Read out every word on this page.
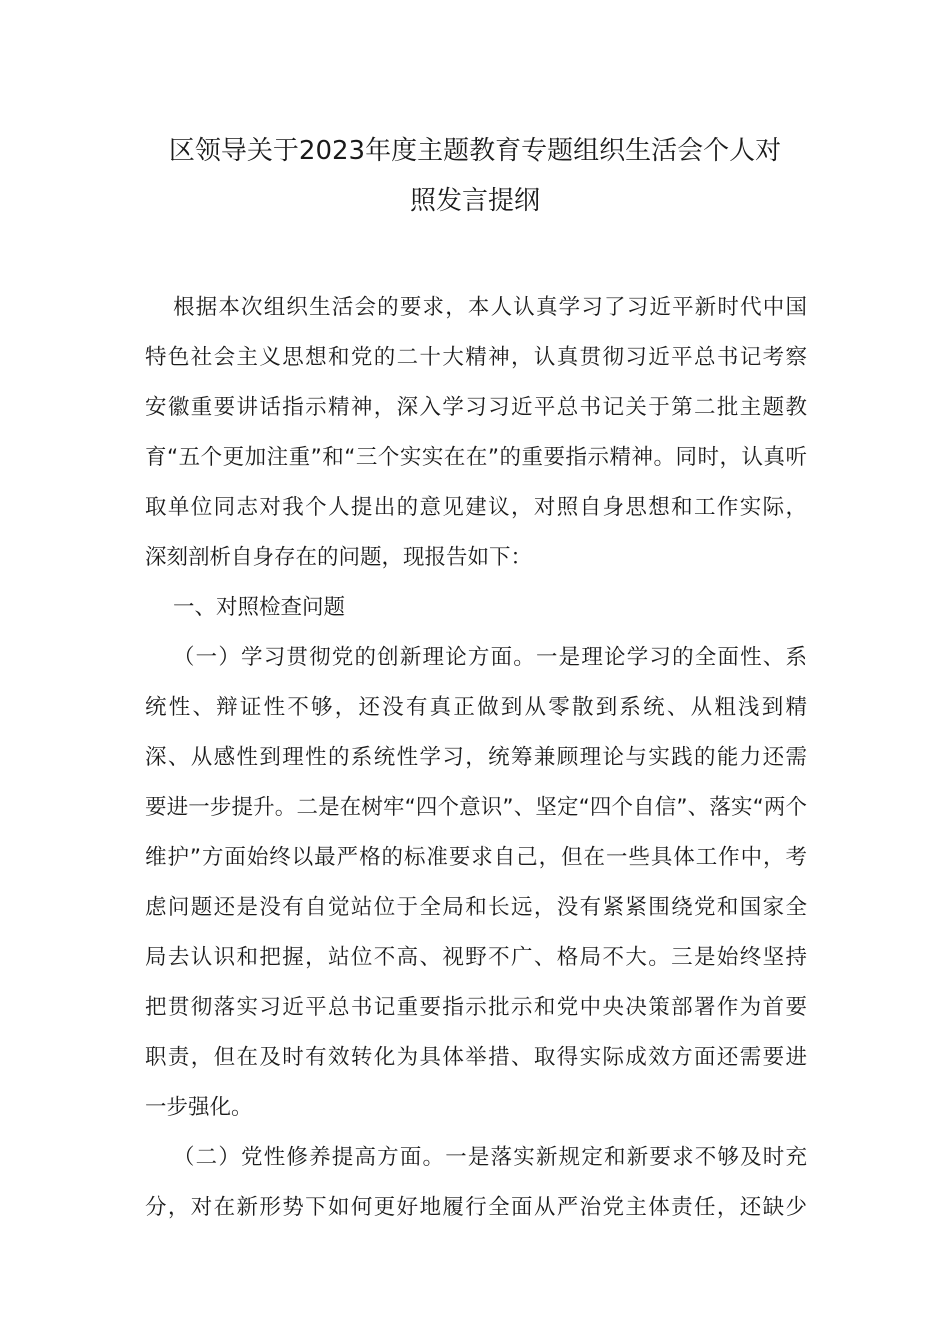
区领导关于2023年度主题教育专题组织生活会个人对
照发言提纲
根据本次组织生活会的要求，本人认真学习了习近平新时代中国
特色社会主义思想和党的二十大精神，认真贯彻习近平总书记考察
安徽重要讲话指示精神，深入学习习近平总书记关于第二批主题教
育“五个更加注重”和“三个实实在在”的重要指示精神。同时，认真听
取单位同志对我个人提出的意见建议，对照自身思想和工作实际，
深刻剖析自身存在的问题，现报告如下：
一、对照检查问题
（一）学习贯彻党的创新理论方面。一是理论学习的全面性、系
统性、辩证性不够，还没有真正做到从零散到系统、从粗浅到精
深、从感性到理性的系统性学习，统筹兼顾理论与实践的能力还需
要进一步提升。二是在树牢“四个意识”、坚定“四个自信”、落实“两个
维护”方面始终以最严格的标准要求自己，但在一些具体工作中，考
虑问题还是没有自觉站位于全局和长远，没有紧紧围绕党和国家全
局去认识和把握，站位不高、视野不广、格局不大。三是始终坚持
把贯彻落实习近平总书记重要指示批示和党中央决策部署作为首要
职责，但在及时有效转化为具体举措、取得实际成效方面还需要进
一步强化。
（二）党性修养提高方面。一是落实新规定和新要求不够及时充
分，对在新形势下如何更好地履行全面从严治党主体责任，还缺少
